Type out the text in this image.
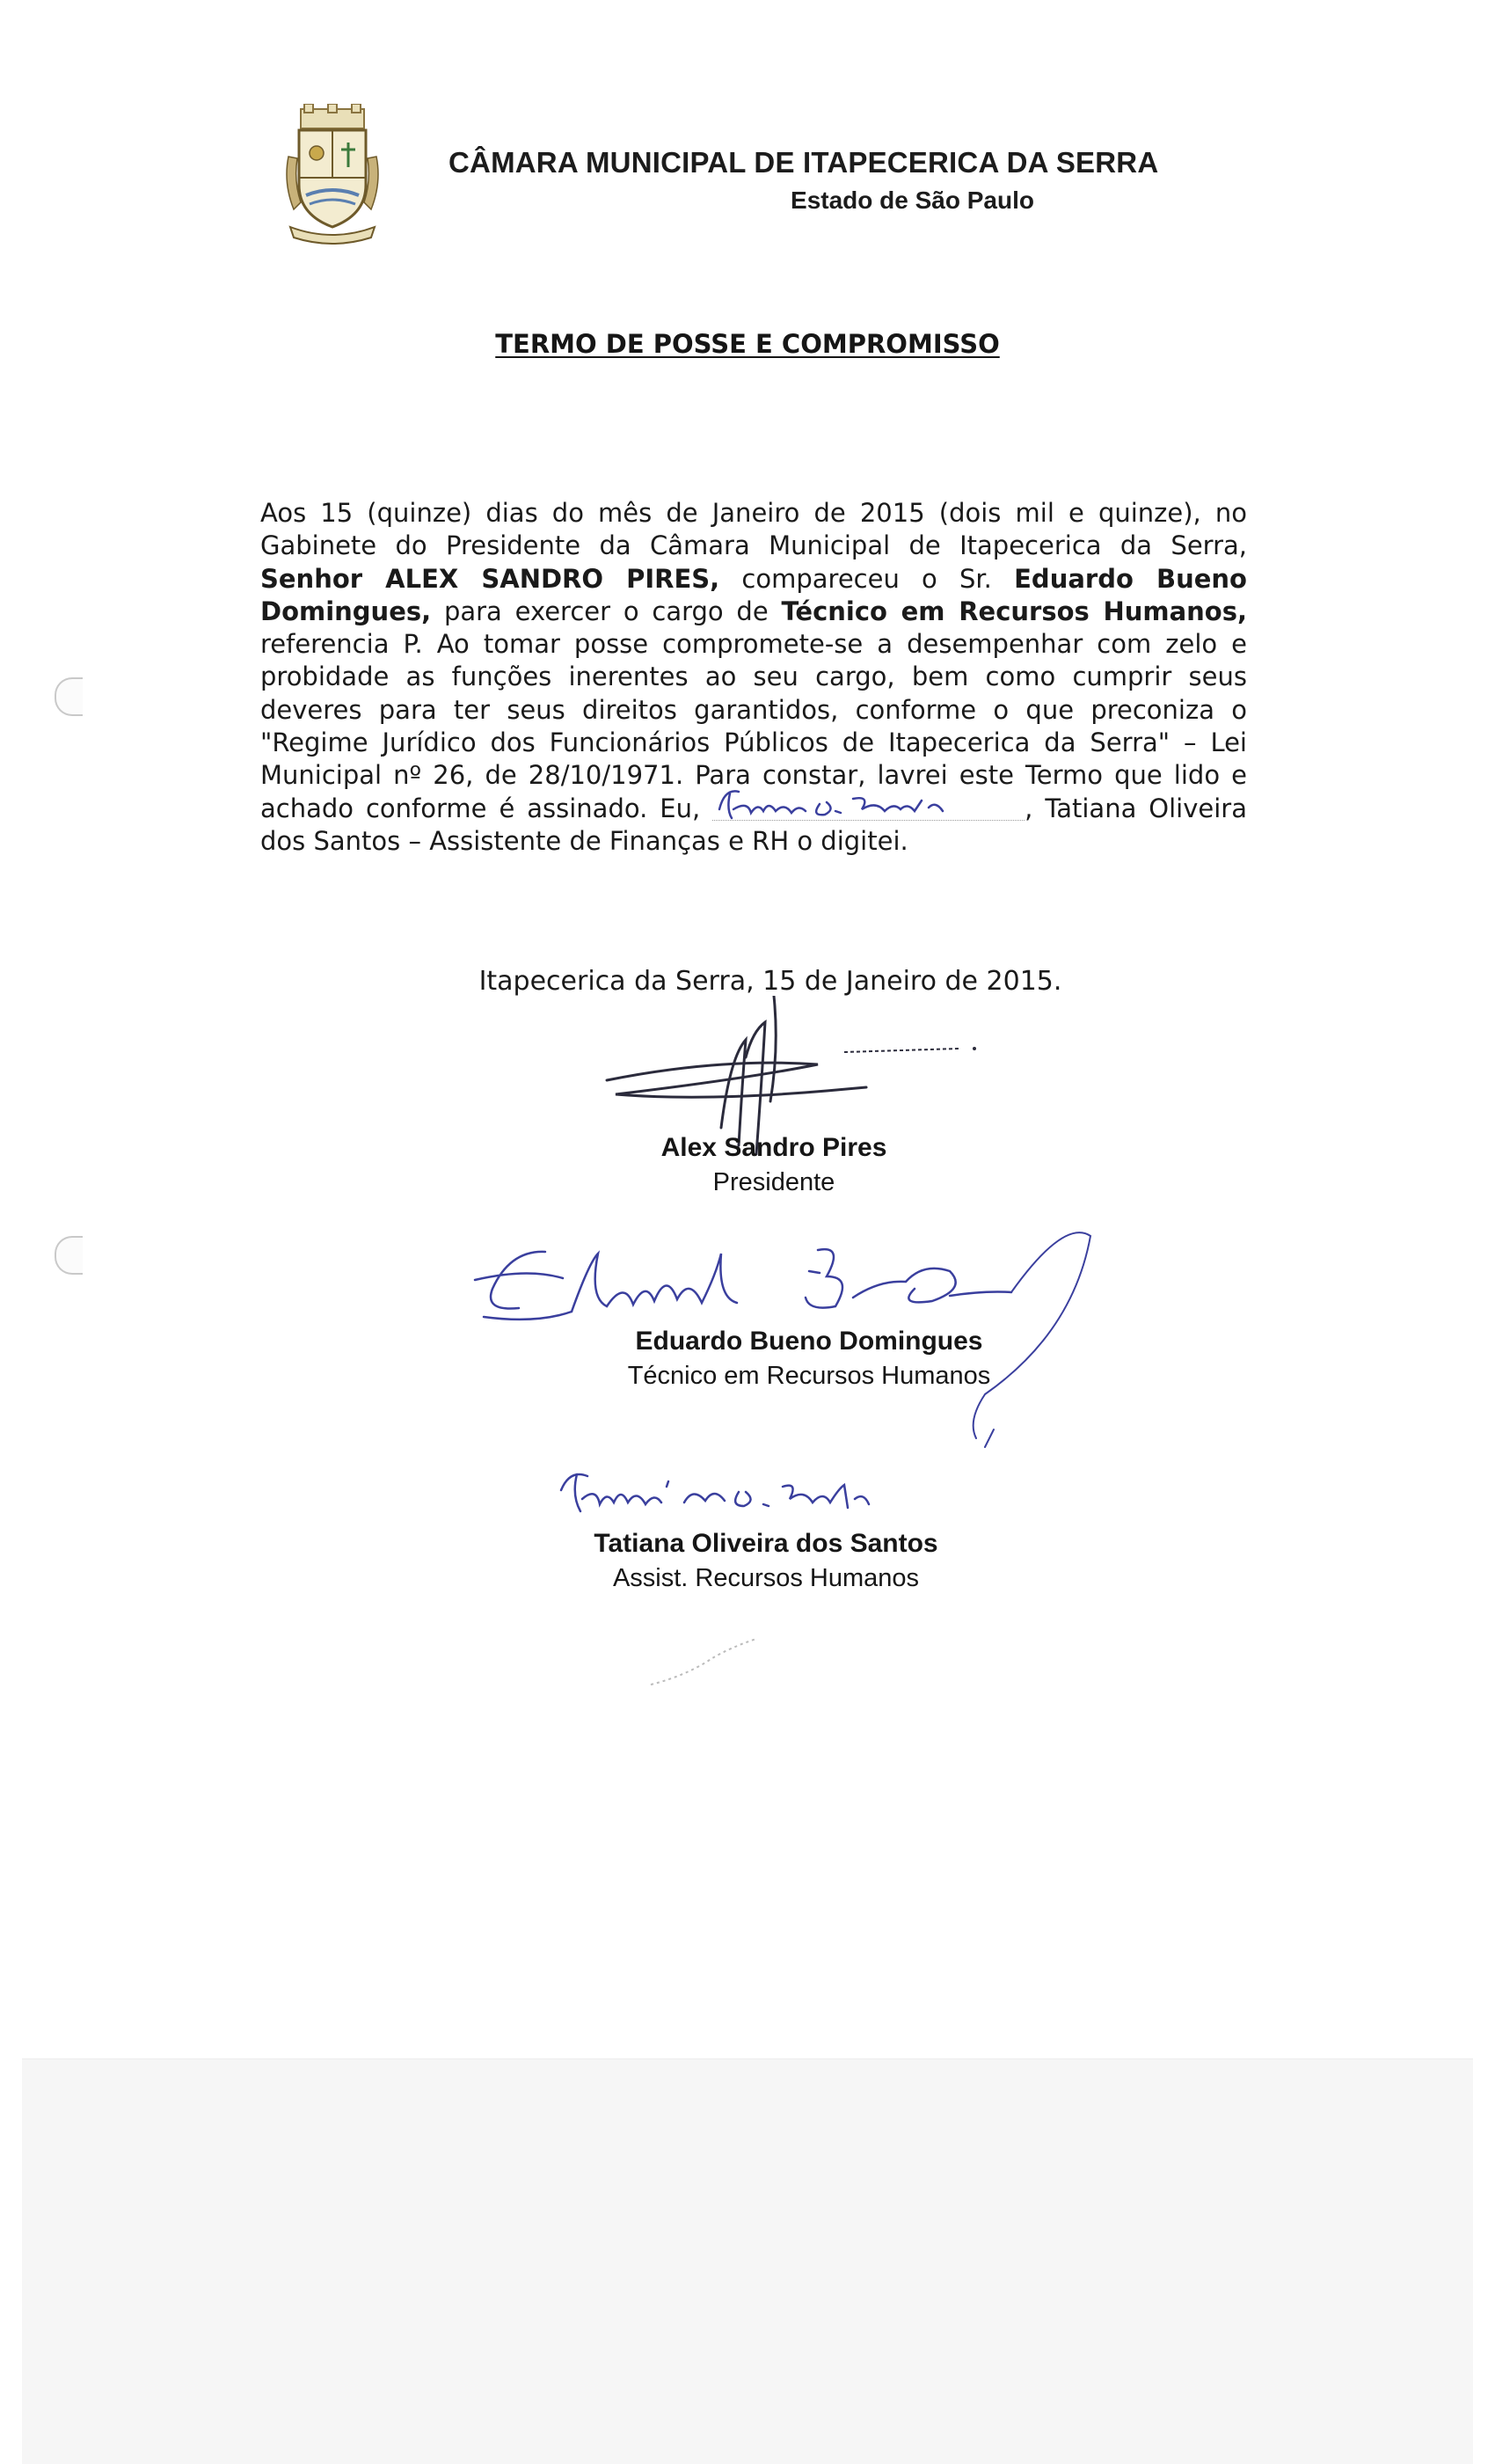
CÂMARA MUNICIPAL DE ITAPECERICA DA SERRA
Estado de São Paulo
TERMO DE POSSE E COMPROMISSO
Aos 15 (quinze) dias do mês de Janeiro de 2015 (dois mil e quinze), no Gabinete do Presidente da Câmara Municipal de Itapecerica da Serra, Senhor ALEX SANDRO PIRES, compareceu o Sr. Eduardo Bueno Domingues, para exercer o cargo de Técnico em Recursos Humanos, referencia P. Ao tomar posse compromete-se a desempenhar com zelo e probidade as funções inerentes ao seu cargo, bem como cumprir seus deveres para ter seus direitos garantidos, conforme o que preconiza o "Regime Jurídico dos Funcionários Públicos de Itapecerica da Serra" – Lei Municipal nº 26, de 28/10/1971. Para constar, lavrei este Termo que lido e achado conforme é assinado. Eu,	, Tatiana Oliveira dos Santos – Assistente de Finanças e RH o digitei.
Itapecerica da Serra, 15 de Janeiro de 2015.
Alex Sandro Pires
Presidente
Eduardo Bueno Domingues
Técnico em Recursos Humanos
Tatiana Oliveira dos Santos
Assist. Recursos Humanos
